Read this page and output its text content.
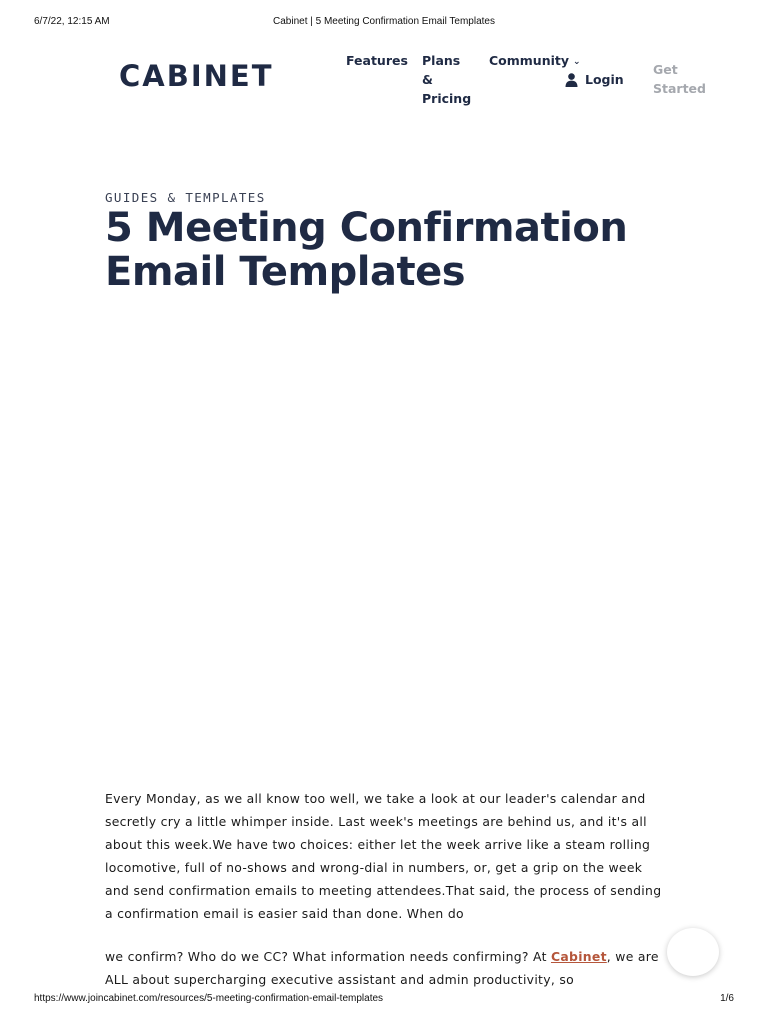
6/7/22, 12:15 AM	Cabinet | 5 Meeting Confirmation Email Templates
CABINET	Features Plans
&
Pricing
Community ⌄
Login
Get
Started
GUIDES & TEMPLATES
5 Meeting Confirmation Email Templates

Every Monday, as we all know too well, we take a look at our leader's calendar and secretly cry a little whimper inside. Last week's meetings are behind us, and it's all about this week.We have two choices: either let the week arrive like a steam rolling locomotive, full of no-shows and wrong-dial in numbers, or, get a grip on the week and send confirmation emails to meeting attendees.That said, the process of sending a confirmation email is easier said than done. When do

we confirm? Who do we CC? What information needs confirming? At Cabinet, we are ALL about supercharging executive assistant and admin productivity, so

https://www.joincabinet.com/resources/5-meeting-confirmation-email-templates	1/6
